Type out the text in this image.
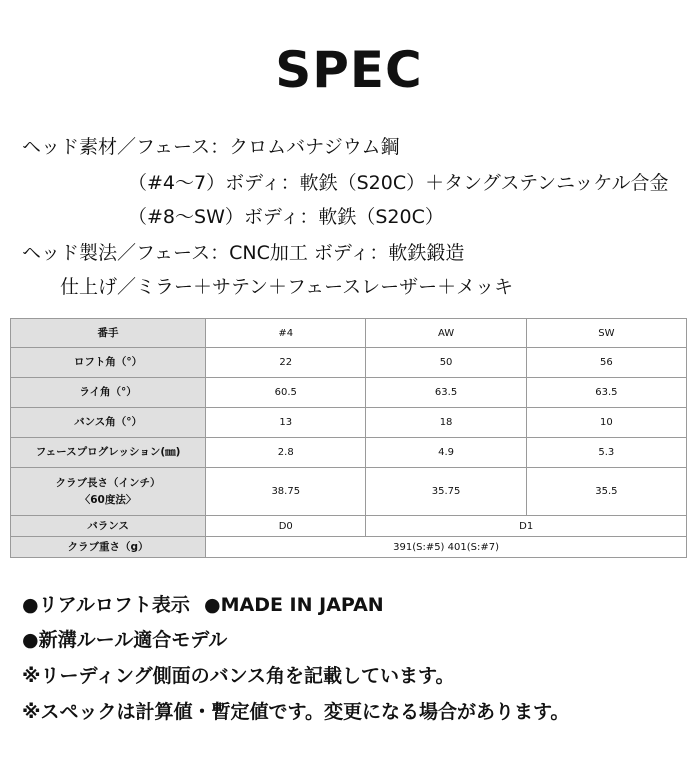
SPEC
ヘッド素材／フェース：クロムバナジウム鋼
（#4〜7）ボディ：軟鉄（S20C）＋タングステンニッケル合金
（#8〜SW）ボディ：軟鉄（S20C）
ヘッド製法／フェース：CNC加工 ボディ：軟鉄鍛造
仕上げ／ミラー＋サテン＋フェースレーザー＋メッキ
番手	#4	AW	SW
ロフト角（°）	22	50	56
ライ角（°）	60.5	63.5	63.5
バンス角（°）	13	18	10
フェースプログレッション(㎜)	2.8	4.9	5.3

クラブ長さ（インチ）
〈60度法〉	38.75	35.75	35.5
バランス	D0	D1	
クラブ重さ（g）	391(S:#5) 401(S:#7)		
●リアルロフト表示 ●MADE IN JAPAN
●新溝ルール適合モデル
※リーディング側面のバンス角を記載しています。
※スペックは計算値・暫定値です。変更になる場合があります。
